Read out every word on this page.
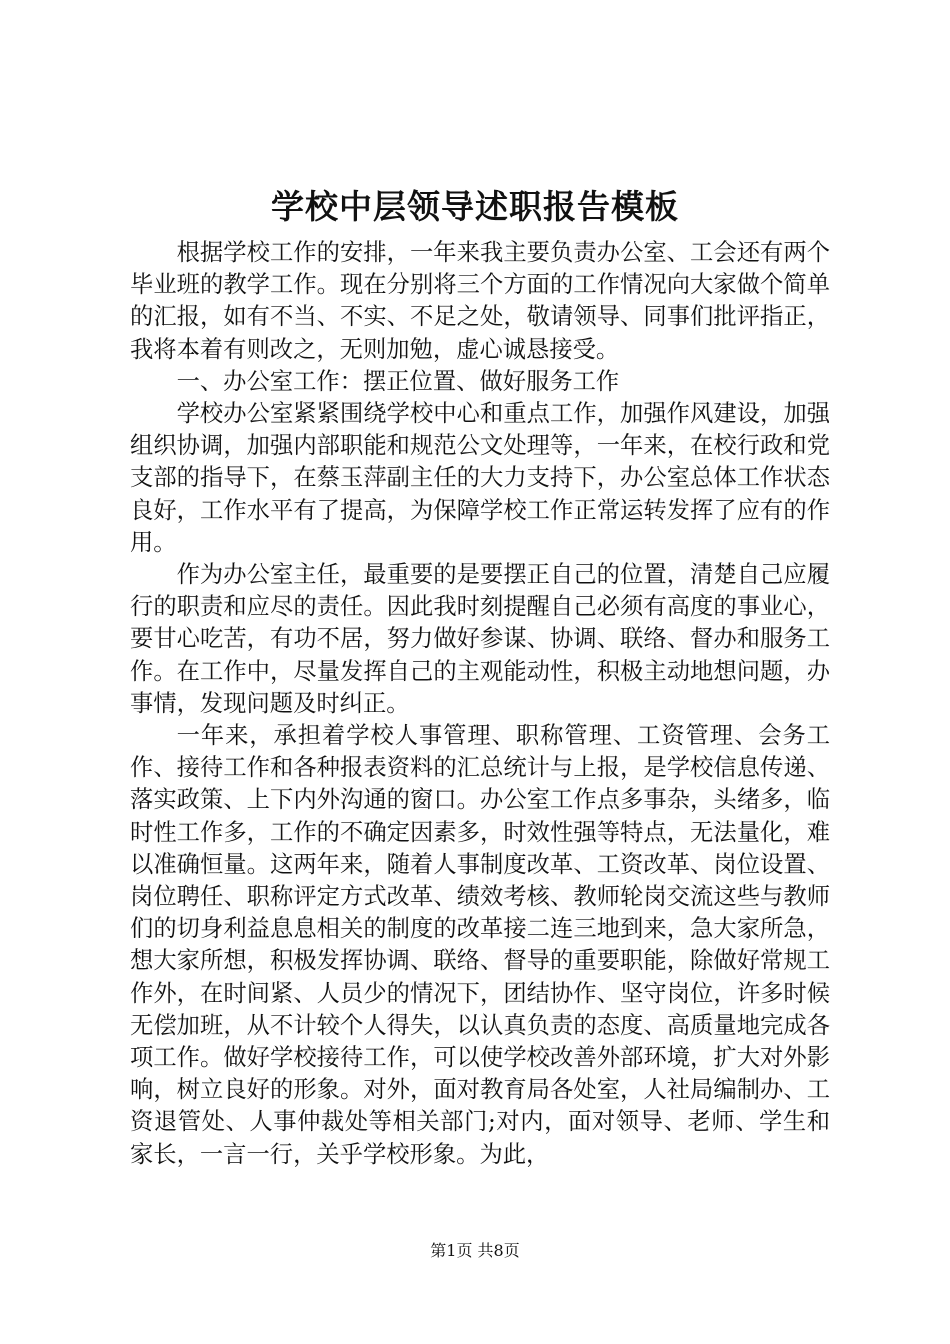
学校中层领导述职报告模板

根据学校工作的安排，一年来我主要负责办公室、工会还有两个毕业班的教学工作。现在分别将三个方面的工作情况向大家做个简单的汇报，如有不当、不实、不足之处，敬请领导、同事们批评指正，我将本着有则改之，无则加勉，虚心诚恳接受。

一、办公室工作：摆正位置、做好服务工作

学校办公室紧紧围绕学校中心和重点工作，加强作风建设，加强组织协调，加强内部职能和规范公文处理等，一年来，在校行政和党支部的指导下，在蔡玉萍副主任的大力支持下，办公室总体工作状态良好，工作水平有了提高，为保障学校工作正常运转发挥了应有的作用。

作为办公室主任，最重要的是要摆正自己的位置，清楚自己应履行的职责和应尽的责任。因此我时刻提醒自己必须有高度的事业心，要甘心吃苦，有功不居，努力做好参谋、协调、联络、督办和服务工作。在工作中，尽量发挥自己的主观能动性，积极主动地想问题，办事情，发现问题及时纠正。

一年来，承担着学校人事管理、职称管理、工资管理、会务工作、接待工作和各种报表资料的汇总统计与上报，是学校信息传递、落实政策、上下内外沟通的窗口。办公室工作点多事杂，头绪多，临时性工作多，工作的不确定因素多，时效性强等特点，无法量化，难以准确恒量。这两年来，随着人事制度改革、工资改革、岗位设置、岗位聘任、职称评定方式改革、绩效考核、教师轮岗交流这些与教师们的切身利益息息相关的制度的改革接二连三地到来，急大家所急，想大家所想，积极发挥协调、联络、督导的重要职能，除做好常规工作外，在时间紧、人员少的情况下，团结协作、坚守岗位，许多时候无偿加班，从不计较个人得失，以认真负责的态度、高质量地完成各项工作。做好学校接待工作，可以使学校改善外部环境，扩大对外影响，树立良好的形象。对外，面对教育局各处室，人社局编制办、工资退管处、人事仲裁处等相关部门;对内，面对领导、老师、学生和家长，一言一行，关乎学校形象。为此，

第1页 共8页
